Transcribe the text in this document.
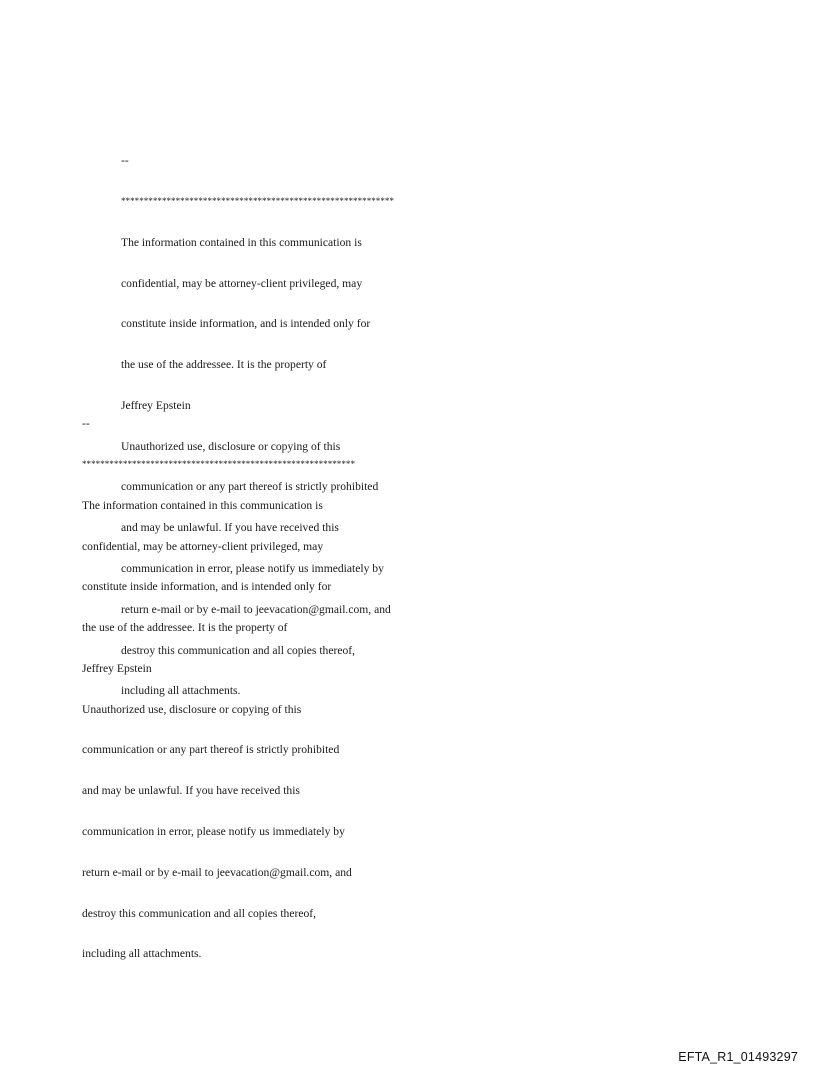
--

************************************************************

The information contained in this communication is

confidential, may be attorney-client privileged, may

constitute inside information, and is intended only for

the use of the addressee. It is the property of

Jeffrey Epstein

Unauthorized use, disclosure or copying of this

communication or any part thereof is strictly prohibited

and may be unlawful. If you have received this

communication in error, please notify us immediately by

return e-mail or by e-mail to jeevacation@gmail.com, and

destroy this communication and all copies thereof,

including all attachments.

--

************************************************************

The information contained in this communication is

confidential, may be attorney-client privileged, may

constitute inside information, and is intended only for

the use of the addressee. It is the property of

Jeffrey Epstein

Unauthorized use, disclosure or copying of this

communication or any part thereof is strictly prohibited

and may be unlawful. If you have received this

communication in error, please notify us immediately by

return e-mail or by e-mail to jeevacation@gmail.com, and

destroy this communication and all copies thereof,

including all attachments.

EFTA_R1_01493297
